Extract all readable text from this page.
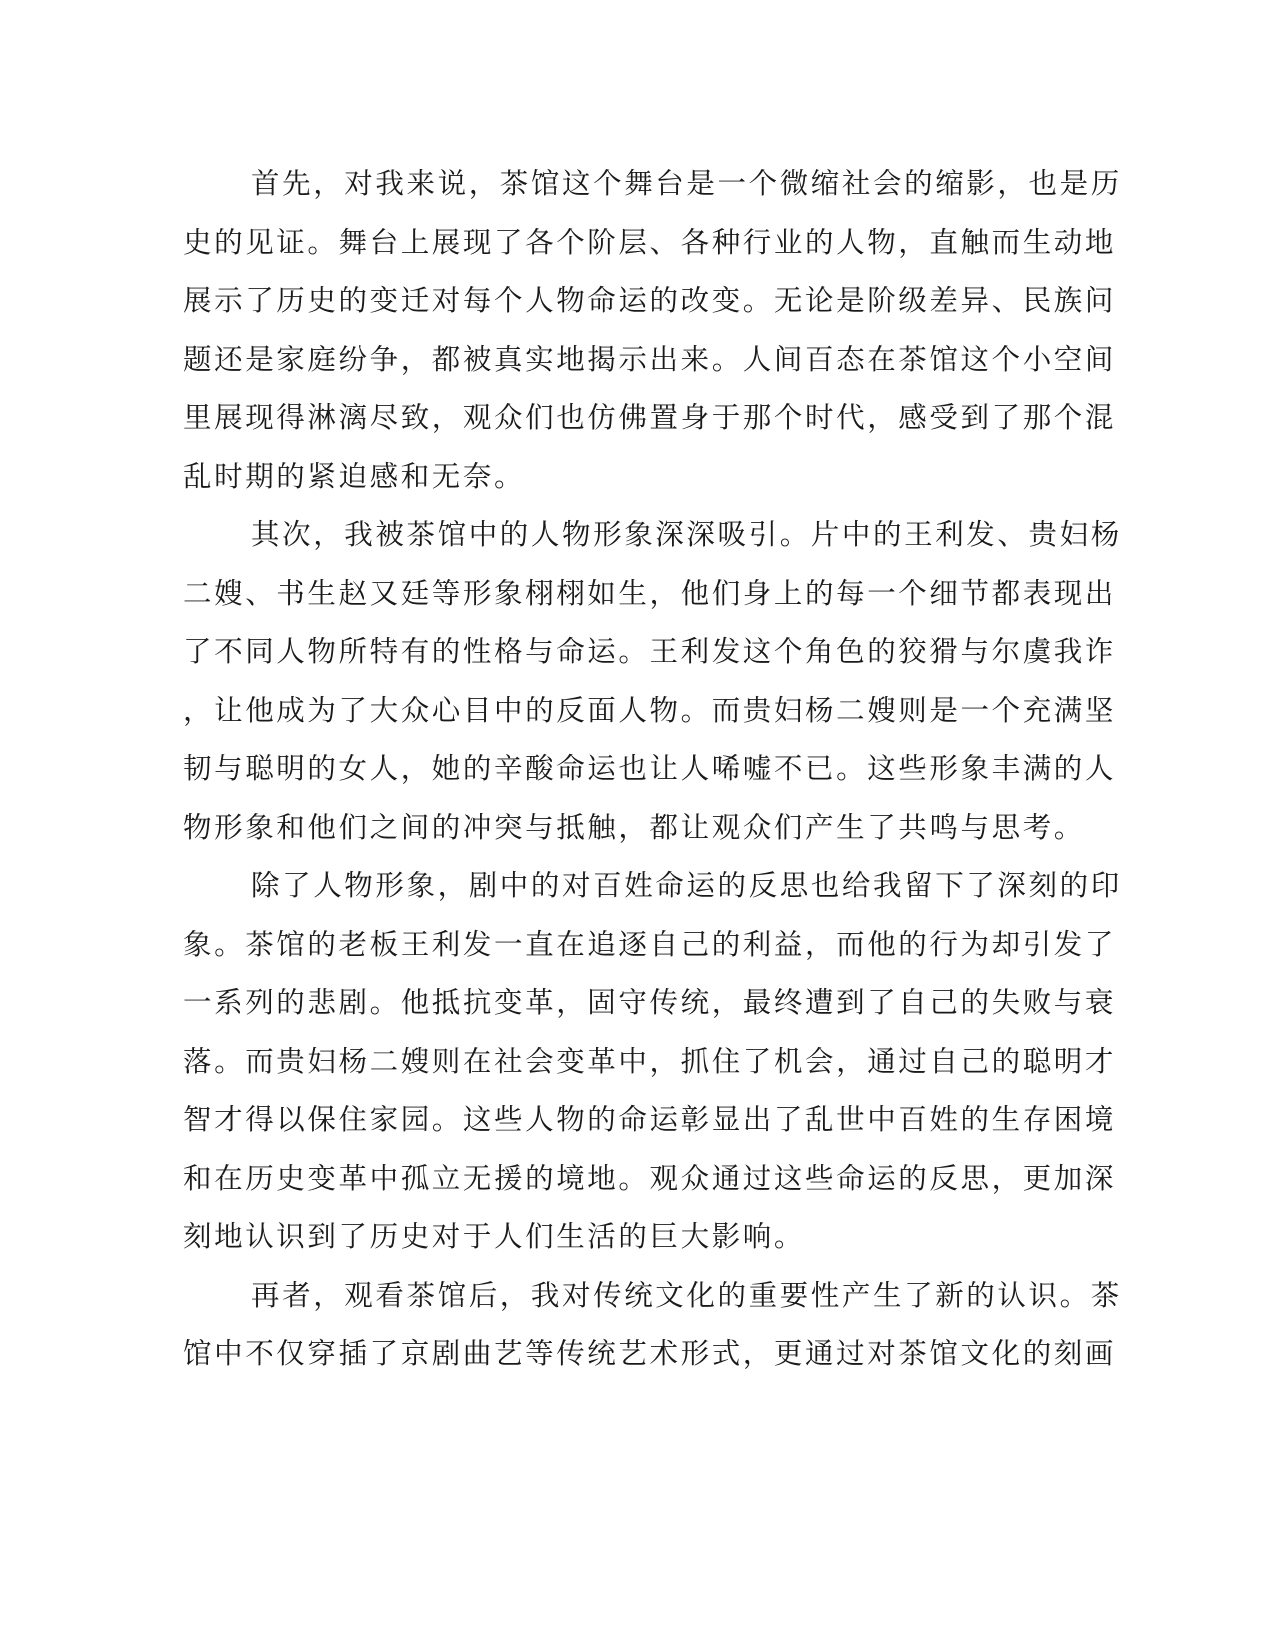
首先，对我来说，茶馆这个舞台是一个微缩社会的缩影，也是历
史的见证。舞台上展现了各个阶层、各种行业的人物，直触而生动地
展示了历史的变迁对每个人物命运的改变。无论是阶级差异、民族问
题还是家庭纷争，都被真实地揭示出来。人间百态在茶馆这个小空间
里展现得淋漓尽致，观众们也仿佛置身于那个时代，感受到了那个混
乱时期的紧迫感和无奈。
其次，我被茶馆中的人物形象深深吸引。片中的王利发、贵妇杨
二嫂、书生赵又廷等形象栩栩如生，他们身上的每一个细节都表现出
了不同人物所特有的性格与命运。王利发这个角色的狡猾与尔虞我诈
，让他成为了大众心目中的反面人物。而贵妇杨二嫂则是一个充满坚
韧与聪明的女人，她的辛酸命运也让人唏嘘不已。这些形象丰满的人
物形象和他们之间的冲突与抵触，都让观众们产生了共鸣与思考。
除了人物形象，剧中的对百姓命运的反思也给我留下了深刻的印
象。茶馆的老板王利发一直在追逐自己的利益，而他的行为却引发了
一系列的悲剧。他抵抗变革，固守传统，最终遭到了自己的失败与衰
落。而贵妇杨二嫂则在社会变革中，抓住了机会，通过自己的聪明才
智才得以保住家园。这些人物的命运彰显出了乱世中百姓的生存困境
和在历史变革中孤立无援的境地。观众通过这些命运的反思，更加深
刻地认识到了历史对于人们生活的巨大影响。
再者，观看茶馆后，我对传统文化的重要性产生了新的认识。茶
馆中不仅穿插了京剧曲艺等传统艺术形式，更通过对茶馆文化的刻画
